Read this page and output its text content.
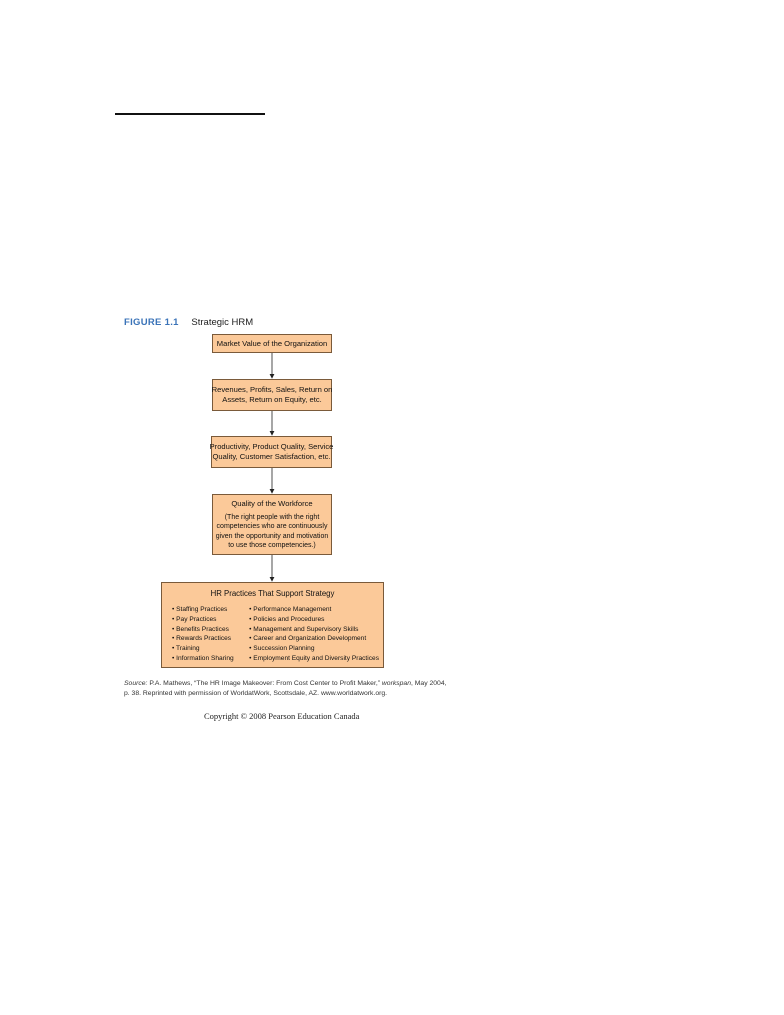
FIGURE 1.1 Strategic HRM
Market Value of the Organization
Revenues, Profits, Sales, Return on
Assets, Return on Equity, etc.
Productivity, Product Quality, Service
Quality, Customer Satisfaction, etc.
Quality of the Workforce
(The right people with the right
competencies who are continuously
given the opportunity and motivation
to use those competencies.)
HR Practices That Support Strategy
• Staffing Practices
• Pay Practices
• Benefits Practices
• Rewards Practices
• Training
• Information Sharing
• Performance Management
• Policies and Procedures
• Management and Supervisory Skills
• Career and Organization Development
• Succession Planning
• Employment Equity and Diversity Practices
Source: P.A. Mathews, “The HR Image Makeover: From Cost Center to Profit Maker,” workspan, May 2004,
p. 38. Reprinted with permission of WorldatWork, Scottsdale, AZ. www.worldatwork.org.
Copyright © 2008 Pearson Education Canada
